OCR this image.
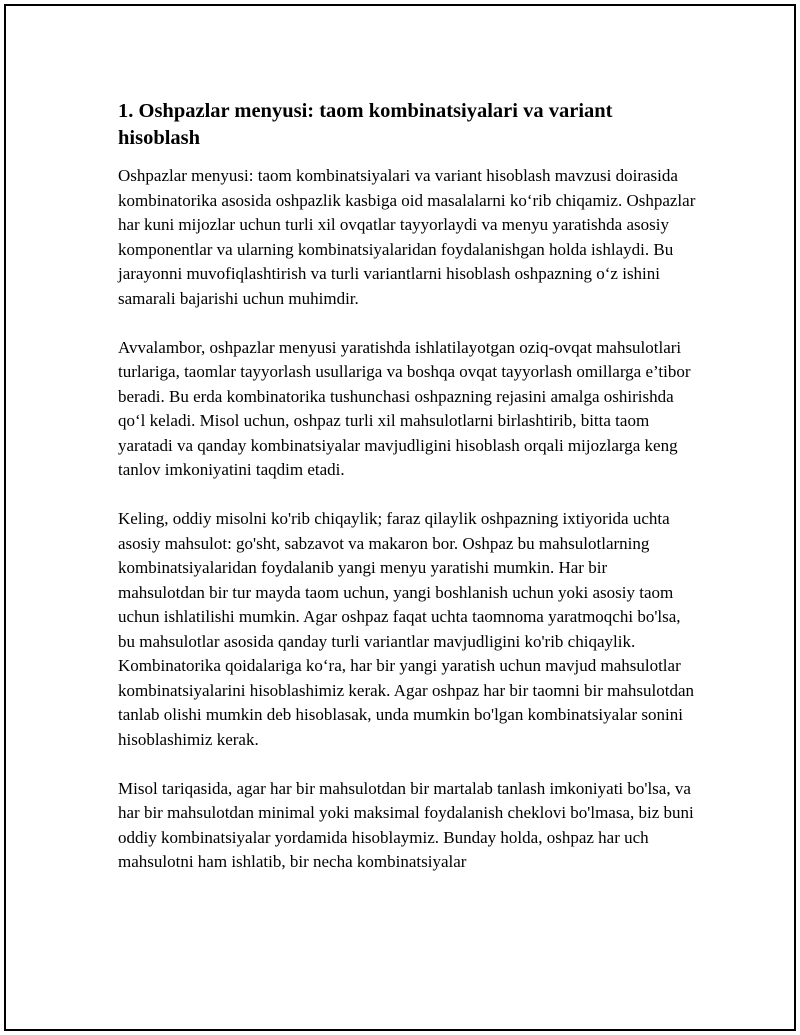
1. Oshpazlar menyusi: taom kombinatsiyalari va variant hisoblash

Oshpazlar menyusi: taom kombinatsiyalari va variant hisoblash mavzusi doirasida kombinatorika asosida oshpazlik kasbiga oid masalalarni ko‘rib chiqamiz. Oshpazlar har kuni mijozlar uchun turli xil ovqatlar tayyorlaydi va menyu yaratishda asosiy komponentlar va ularning kombinatsiyalaridan foydalanishgan holda ishlaydi. Bu jarayonni muvofiqlashtirish va turli variantlarni hisoblash oshpazning o‘z ishini samarali bajarishi uchun muhimdir.

Avvalambor, oshpazlar menyusi yaratishda ishlatilayotgan oziq-ovqat mahsulotlari turlariga, taomlar tayyorlash usullariga va boshqa ovqat tayyorlash omillarga e’tibor beradi. Bu erda kombinatorika tushunchasi oshpazning rejasini amalga oshirishda qo‘l keladi. Misol uchun, oshpaz turli xil mahsulotlarni birlashtirib, bitta taom yaratadi va qanday kombinatsiyalar mavjudligini hisoblash orqali mijozlarga keng tanlov imkoniyatini taqdim etadi.

Keling, oddiy misolni ko'rib chiqaylik; faraz qilaylik oshpazning ixtiyorida uchta asosiy mahsulot: go'sht, sabzavot va makaron bor. Oshpaz bu mahsulotlarning kombinatsiyalaridan foydalanib yangi menyu yaratishi mumkin. Har bir mahsulotdan bir tur mayda taom uchun, yangi boshlanish uchun yoki asosiy taom uchun ishlatilishi mumkin. Agar oshpaz faqat uchta taomnoma yaratmoqchi bo'lsa, bu mahsulotlar asosida qanday turli variantlar mavjudligini ko'rib chiqaylik. Kombinatorika qoidalariga ko‘ra, har bir yangi yaratish uchun mavjud mahsulotlar kombinatsiyalarini hisoblashimiz kerak. Agar oshpaz har bir taomni bir mahsulotdan tanlab olishi mumkin deb hisoblasak, unda mumkin bo'lgan kombinatsiyalar sonini hisoblashimiz kerak.

Misol tariqasida, agar har bir mahsulotdan bir martalab tanlash imkoniyati bo'lsa, va har bir mahsulotdan minimal yoki maksimal foydalanish cheklovi bo'lmasa, biz buni oddiy kombinatsiyalar yordamida hisoblaymiz. Bunday holda, oshpaz har uch mahsulotni ham ishlatib, bir necha kombinatsiyalar
